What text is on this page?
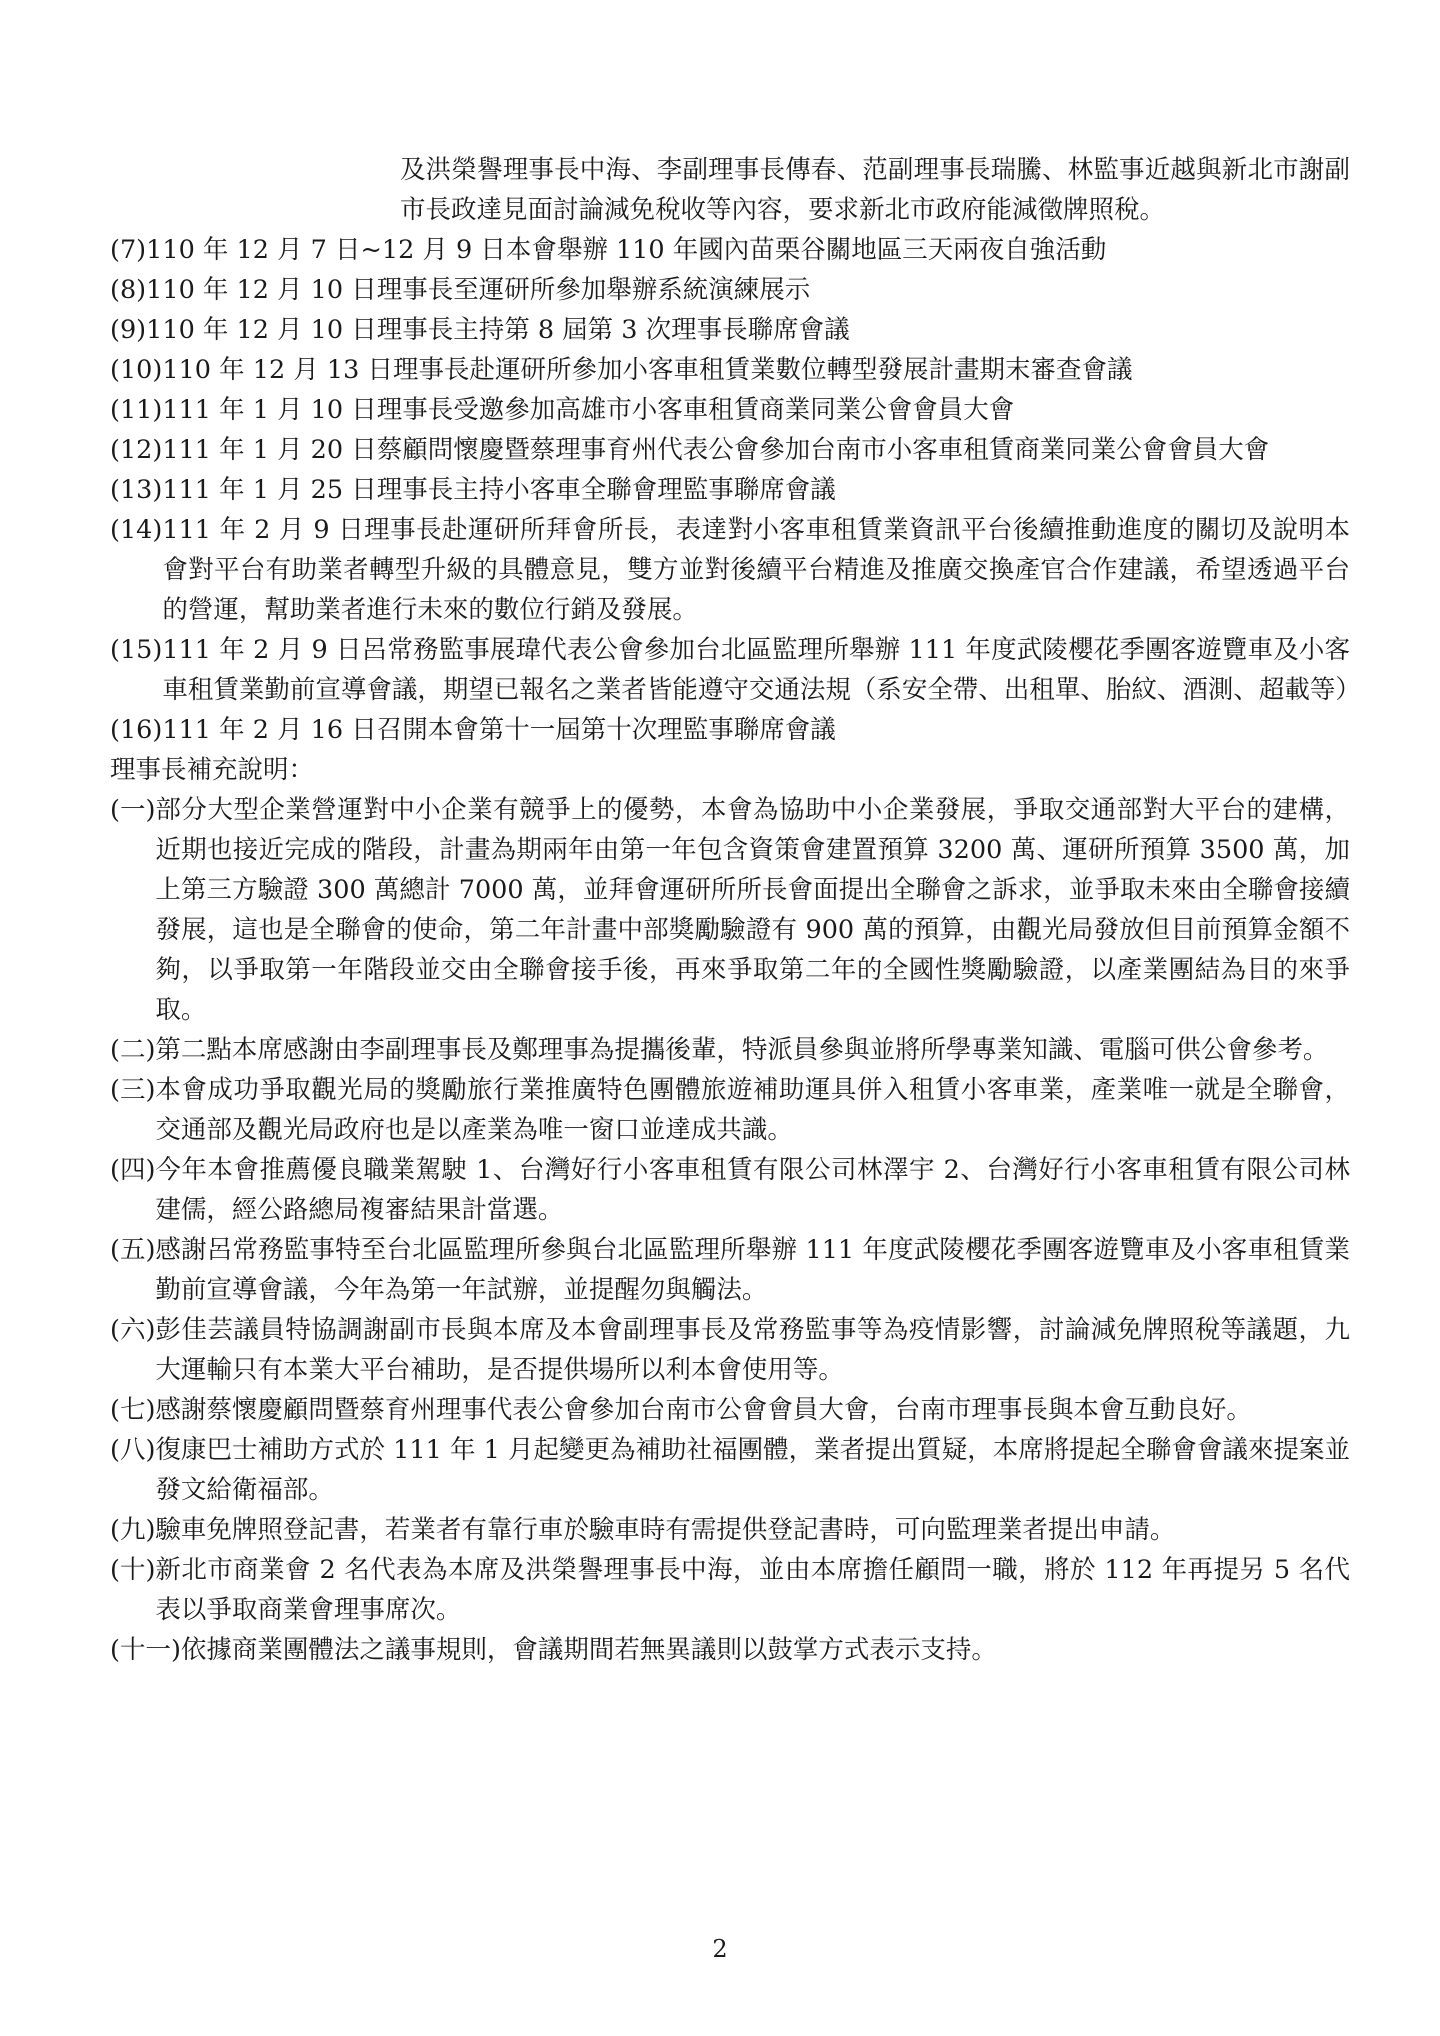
及洪榮譽理事長中海、李副理事長傳春、范副理事長瑞騰、林監事近越與新北市謝副市長政達見面討論減免稅收等內容，要求新北市政府能減徵牌照稅。
(7) 110 年 12 月 7 日~12 月 9 日本會舉辦 110 年國內苗栗谷關地區三天兩夜自強活動
(8) 110 年 12 月 10 日理事長至運研所參加舉辦系統演練展示
(9) 110 年 12 月 10 日理事長主持第 8 屆第 3 次理事長聯席會議
(10) 110 年 12 月 13 日理事長赴運研所參加小客車租賃業數位轉型發展計畫期末審查會議
(11) 111 年 1 月 10 日理事長受邀參加高雄市小客車租賃商業同業公會會員大會
(12) 111 年 1 月 20 日蔡顧問懷慶暨蔡理事育州代表公會參加台南市小客車租賃商業同業公會會員大會
(13) 111 年 1 月 25 日理事長主持小客車全聯會理監事聯席會議
(14) 111 年 2 月 9 日理事長赴運研所拜會所長，表達對小客車租賃業資訊平台後續推動進度的關切及說明本會對平台有助業者轉型升級的具體意見，雙方並對後續平台精進及推廣交換產官合作建議，希望透過平台的營運，幫助業者進行未來的數位行銷及發展。
(15) 111 年 2 月 9 日呂常務監事展瑋代表公會參加台北區監理所舉辦 111 年度武陵櫻花季團客遊覽車及小客車租賃業勤前宣導會議，期望已報名之業者皆能遵守交通法規（系安全帶、出租單、胎紋、酒測、超載等）
(16) 111 年 2 月 16 日召開本會第十一屆第十次理監事聯席會議
理事長補充說明：
(一) 部分大型企業營運對中小企業有競爭上的優勢，本會為協助中小企業發展，爭取交通部對大平台的建構，近期也接近完成的階段，計畫為期兩年由第一年包含資策會建置預算 3200 萬、運研所預算 3500 萬，加上第三方驗證 300 萬總計 7000 萬，並拜會運研所所長會面提出全聯會之訴求，並爭取未來由全聯會接續發展，這也是全聯會的使命，第二年計畫中部獎勵驗證有 900 萬的預算，由觀光局發放但目前預算金額不夠，以爭取第一年階段並交由全聯會接手後，再來爭取第二年的全國性獎勵驗證，以產業團結為目的來爭取。
(二) 第二點本席感謝由李副理事長及鄭理事為提攜後輩，特派員參與並將所學專業知識、電腦可供公會參考。
(三) 本會成功爭取觀光局的獎勵旅行業推廣特色團體旅遊補助運具併入租賃小客車業，產業唯一就是全聯會，交通部及觀光局政府也是以產業為唯一窗口並達成共識。
(四) 今年本會推薦優良職業駕駛 1、台灣好行小客車租賃有限公司林澤宇 2、台灣好行小客車租賃有限公司林建儒，經公路總局複審結果計當選。
(五) 感謝呂常務監事特至台北區監理所參與台北區監理所舉辦 111 年度武陵櫻花季團客遊覽車及小客車租賃業勤前宣導會議，今年為第一年試辦，並提醒勿與觸法。
(六) 彭佳芸議員特協調謝副市長與本席及本會副理事長及常務監事等為疫情影響，討論減免牌照稅等議題，九大運輸只有本業大平台補助，是否提供場所以利本會使用等。
(七) 感謝蔡懷慶顧問暨蔡育州理事代表公會參加台南市公會會員大會，台南市理事長與本會互動良好。
(八) 復康巴士補助方式於 111 年 1 月起變更為補助社福團體，業者提出質疑，本席將提起全聯會會議來提案並發文給衛福部。
(九) 驗車免牌照登記書，若業者有靠行車於驗車時有需提供登記書時，可向監理業者提出申請。
(十) 新北市商業會 2 名代表為本席及洪榮譽理事長中海，並由本席擔任顧問一職，將於 112 年再提另 5 名代表以爭取商業會理事席次。
(十一) 依據商業團體法之議事規則，會議期間若無異議則以鼓掌方式表示支持。
2
